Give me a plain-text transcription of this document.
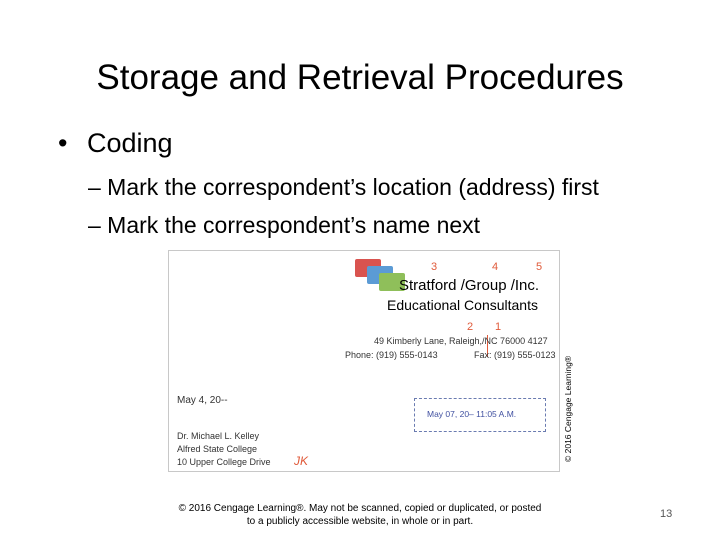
Storage and Retrieval Procedures
• Coding
– Mark the correspondent’s location (address) first
– Mark the correspondent’s name next
3	4	5
Stratford /Group /Inc.
Educational Consultants
2 1
49 Kimberly Lane, Raleigh,/NC 76000 4127
Phone: (919) 555-0143	Fax: (919) 555-0123
May 4, 20--
May 07, 20– 11:05 A.M.
Dr. Michael L. Kelley
Alfred State College
10 Upper College Drive JK	© 2016 Cengage Learning®
© 2016 Cengage Learning®. May not be scanned, copied or duplicated, or posted
to a publicly accessible website, in whole or in part.
13
